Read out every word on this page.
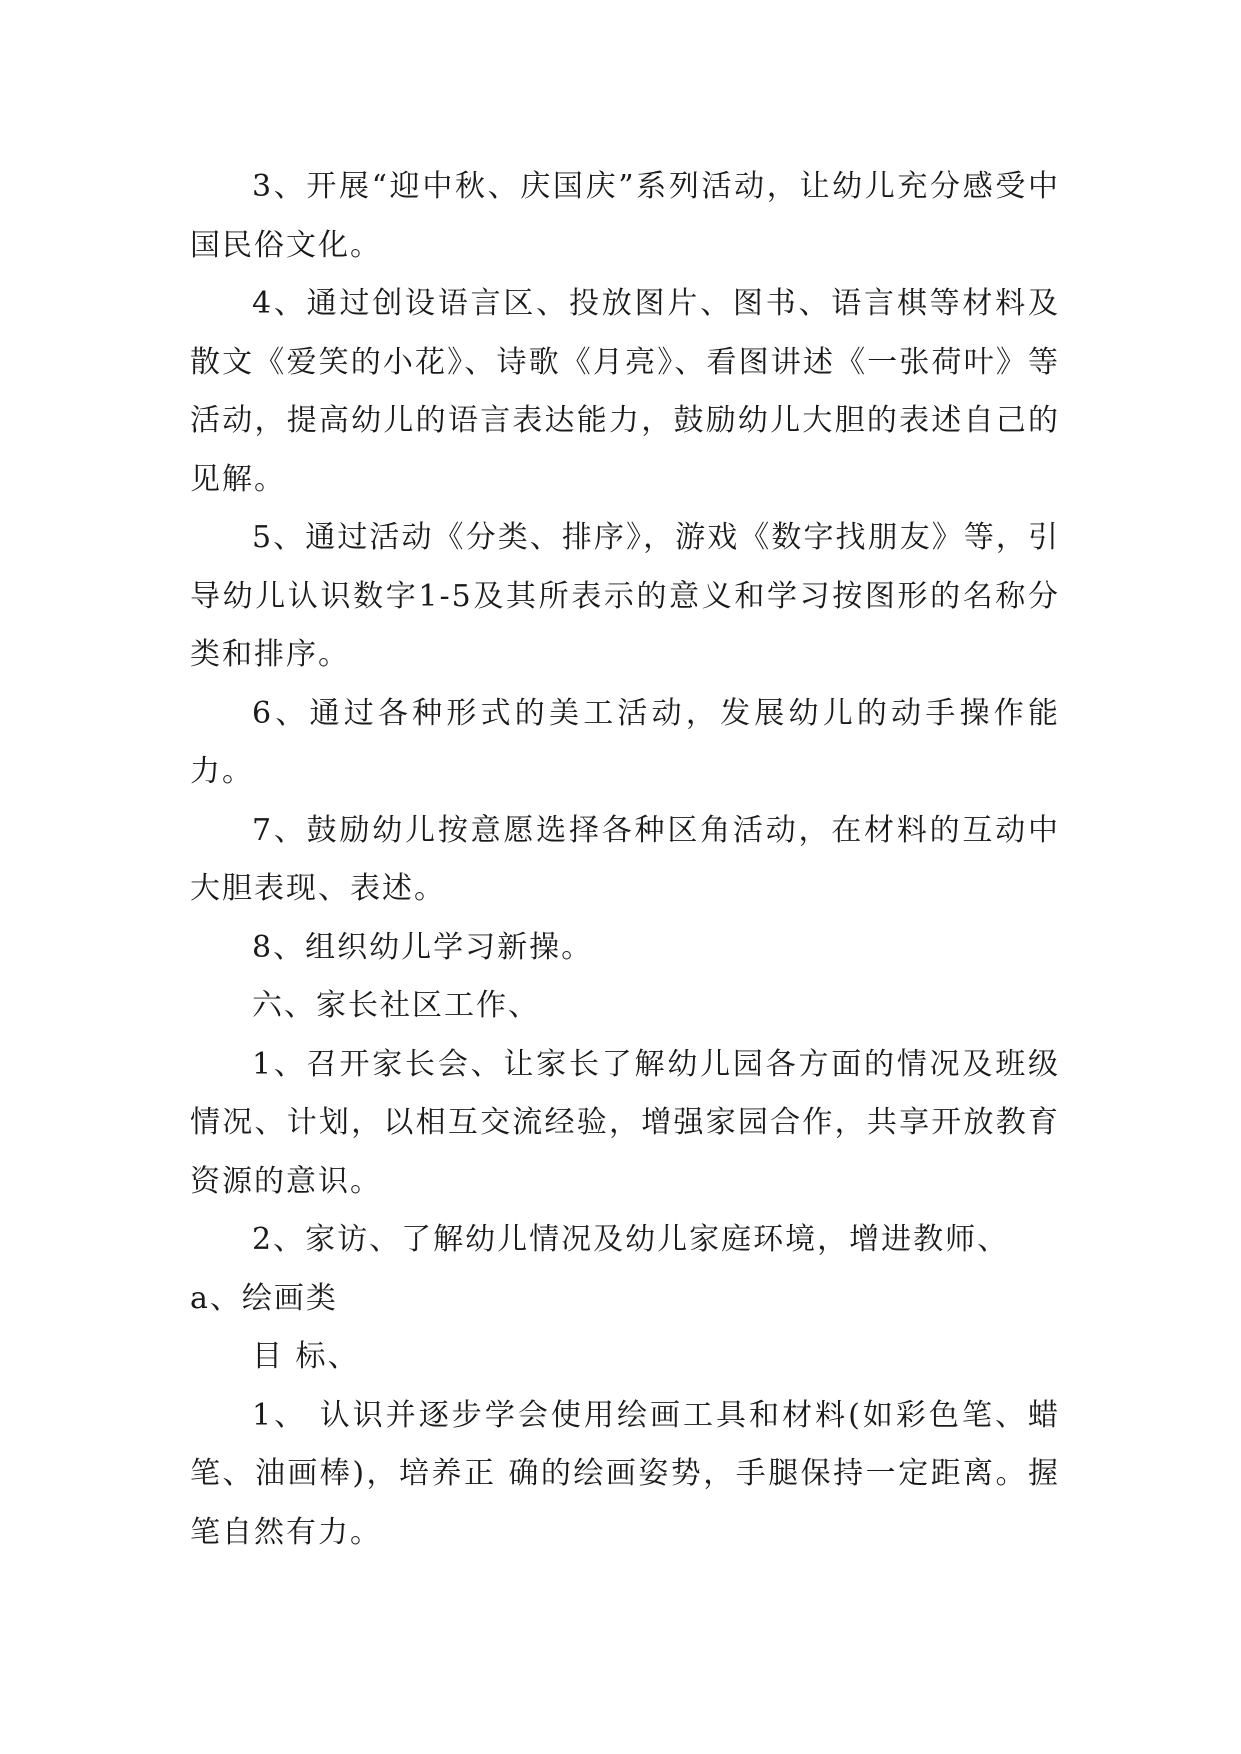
3、开展“迎中秋、庆国庆”系列活动，让幼儿充分感受中国民俗文化。

4、通过创设语言区、投放图片、图书、语言棋等材料及散文《爱笑的小花》、诗歌《月亮》、看图讲述《一张荷叶》等活动，提高幼儿的语言表达能力，鼓励幼儿大胆的表述自己的见解。

5、通过活动《分类、排序》，游戏《数字找朋友》等，引导幼儿认识数字1-5及其所表示的意义和学习按图形的名称分类和排序。

6、通过各种形式的美工活动，发展幼儿的动手操作能力。

7、鼓励幼儿按意愿选择各种区角活动，在材料的互动中大胆表现、表述。

8、组织幼儿学习新操。

六、家长社区工作、

1、召开家长会、让家长了解幼儿园各方面的情况及班级情况、计划，以相互交流经验，增强家园合作，共享开放教育资源的意识。

2、家访、了解幼儿情况及幼儿家庭环境，增进教师、

a、绘画类

目 标、

1、 认识并逐步学会使用绘画工具和材料(如彩色笔、蜡笔、油画棒)，培养正 确的绘画姿势，手腿保持一定距离。握笔自然有力。
